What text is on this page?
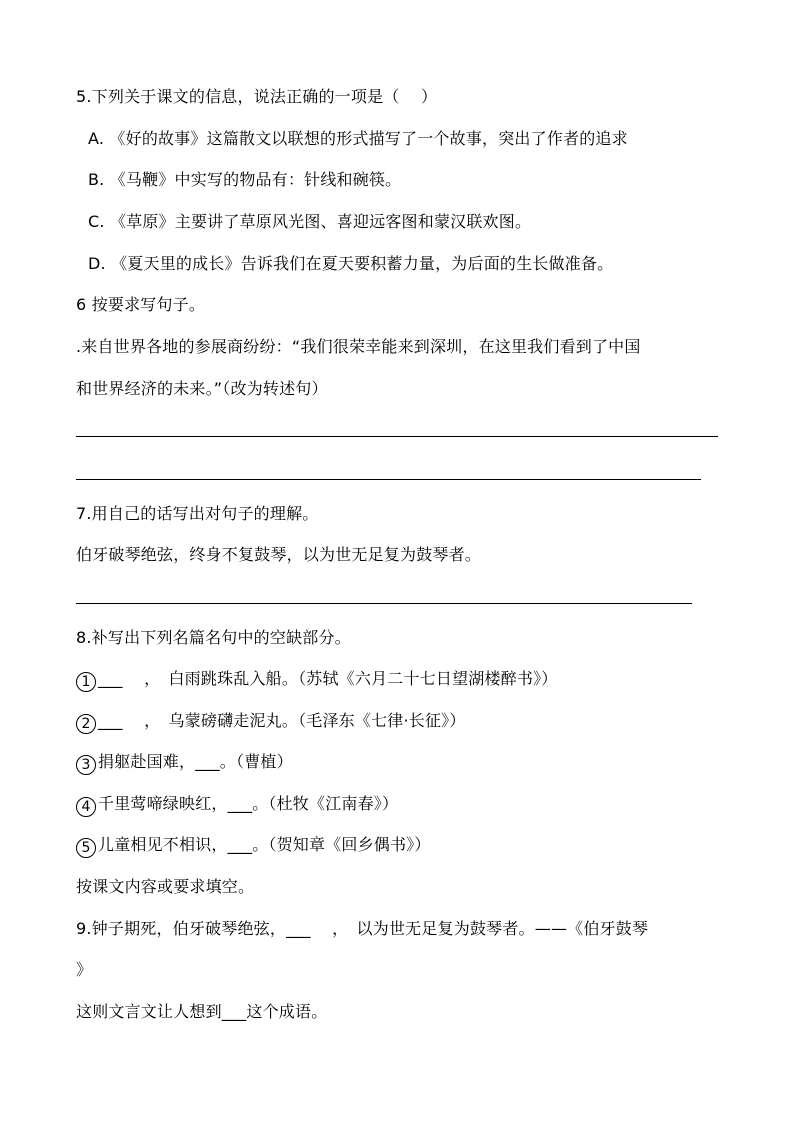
5.下列关于课文的信息，说法正确的一项是（　 ）
A. 《好的故事》这篇散文以联想的形式描写了一个故事，突出了作者的追求
B. 《马鞭》中实写的物品有：针线和碗筷。
C. 《草原》主要讲了草原风光图、喜迎远客图和蒙汉联欢图。
D. 《夏天里的成长》告诉我们在夏天要积蓄力量，为后面的生长做准备。
6 按要求写句子。
.来自世界各地的参展商纷纷：“我们很荣幸能来到深圳，在这里我们看到了中国
和世界经济的未来。”（改为转述句）
7.用自己的话写出对句子的理解。
伯牙破琴绝弦，终身不复鼓琴，以为世无足复为鼓琴者。
8.补写出下列名篇名句中的空缺部分。
1 ___　 ，　白雨跳珠乱入船。（苏轼《六月二十七日望湖楼醉书》）
2 ___　 ，　乌蒙磅礴走泥丸。（毛泽东《七律·长征》）
3 捐躯赴国难，___。（曹植）
4 千里莺啼绿映红，___。（杜牧《江南春》）
5 儿童相见不相识，___。（贺知章《回乡偶书》）
按课文内容或要求填空。
9.钟子期死，伯牙破琴绝弦，___　 ，　以为世无足复为鼓琴者。——《伯牙鼓琴
》
这则文言文让人想到___这个成语。
